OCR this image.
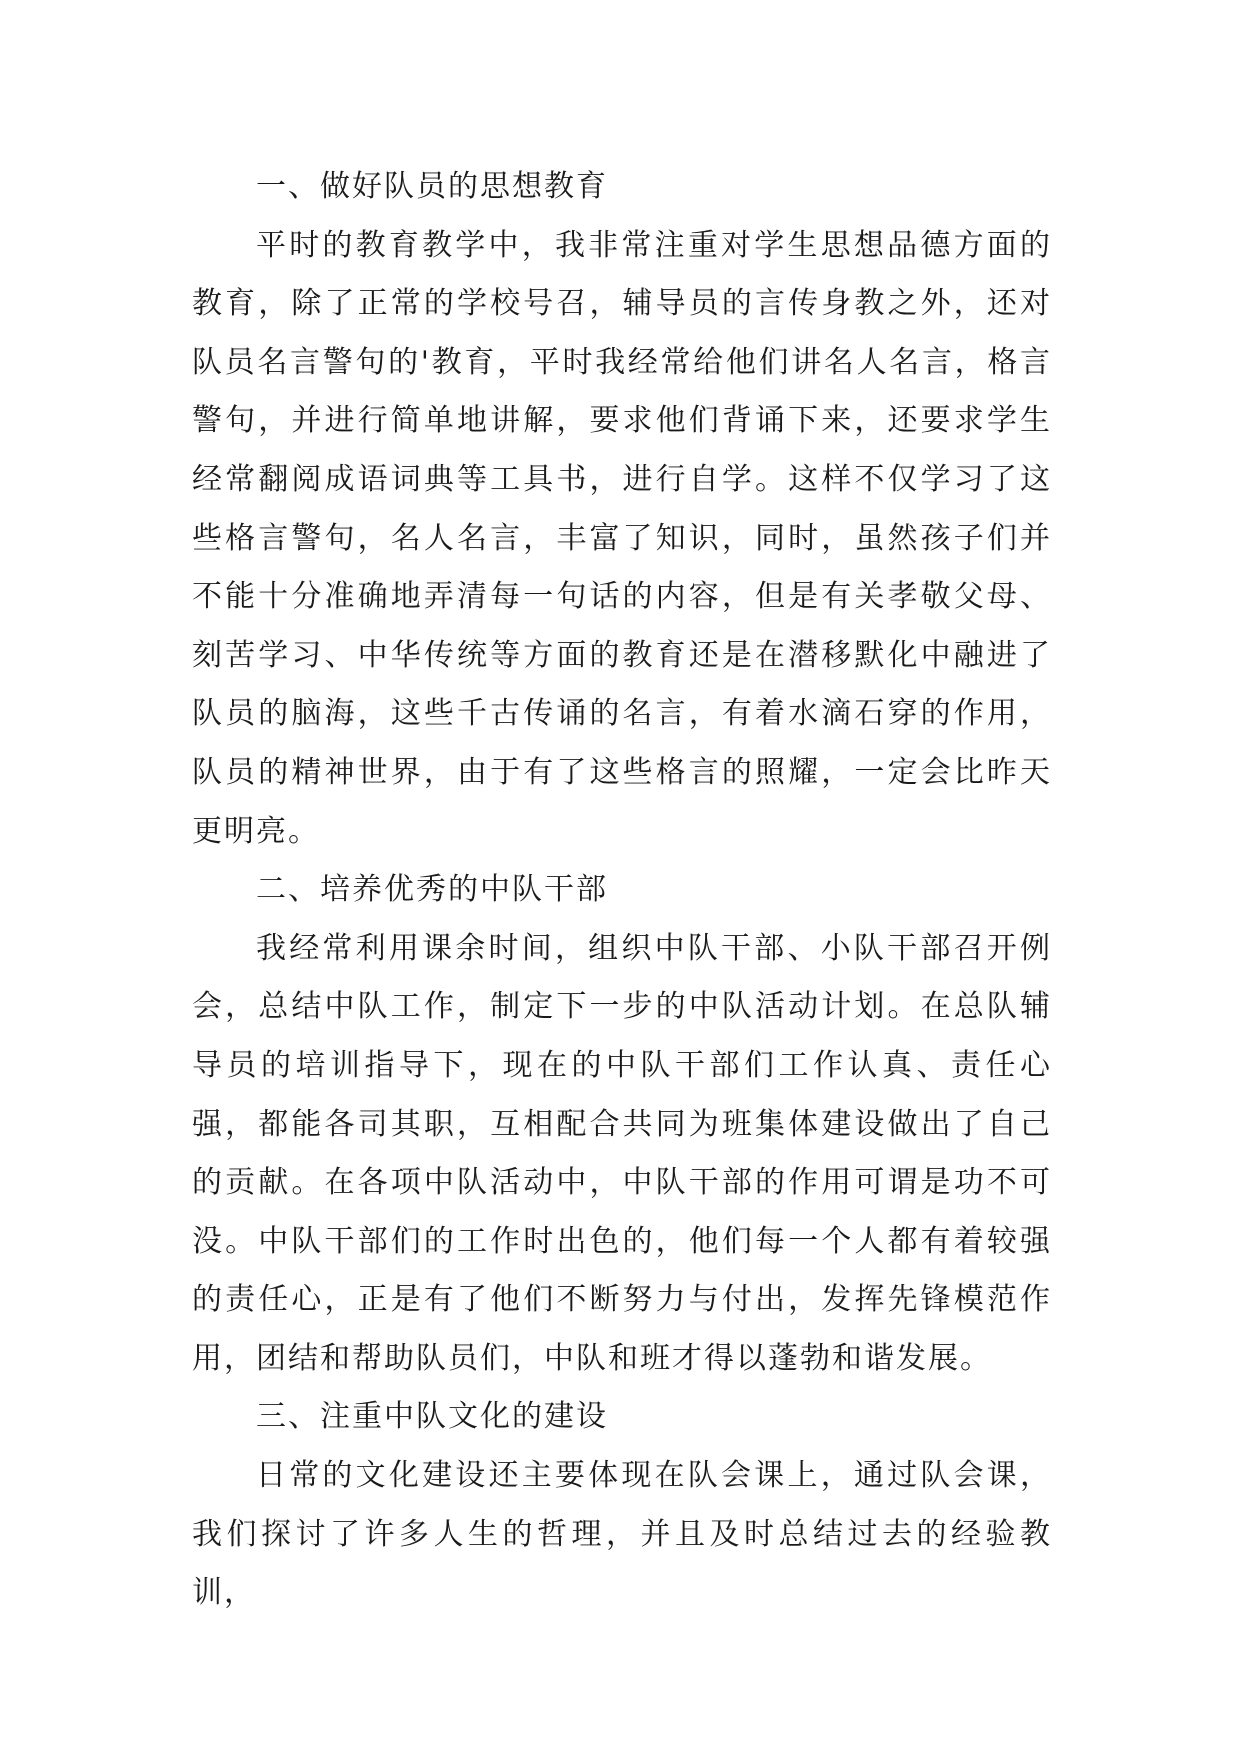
一、做好队员的思想教育

平时的教育教学中，我非常注重对学生思想品德方面的教育，除了正常的学校号召，辅导员的言传身教之外，还对队员名言警句的'教育，平时我经常给他们讲名人名言，格言警句，并进行简单地讲解，要求他们背诵下来，还要求学生经常翻阅成语词典等工具书，进行自学。这样不仅学习了这些格言警句，名人名言，丰富了知识，同时，虽然孩子们并不能十分准确地弄清每一句话的内容，但是有关孝敬父母、刻苦学习、中华传统等方面的教育还是在潜移默化中融进了队员的脑海，这些千古传诵的名言，有着水滴石穿的作用，队员的精神世界，由于有了这些格言的照耀，一定会比昨天更明亮。

二、培养优秀的中队干部

我经常利用课余时间，组织中队干部、小队干部召开例会，总结中队工作，制定下一步的中队活动计划。在总队辅导员的培训指导下，现在的中队干部们工作认真、责任心强，都能各司其职，互相配合共同为班集体建设做出了自己的贡献。在各项中队活动中，中队干部的作用可谓是功不可没。中队干部们的工作时出色的，他们每一个人都有着较强的责任心，正是有了他们不断努力与付出，发挥先锋模范作用，团结和帮助队员们，中队和班才得以蓬勃和谐发展。

三、注重中队文化的建设

日常的文化建设还主要体现在队会课上，通过队会课，我们探讨了许多人生的哲理，并且及时总结过去的经验教训，
